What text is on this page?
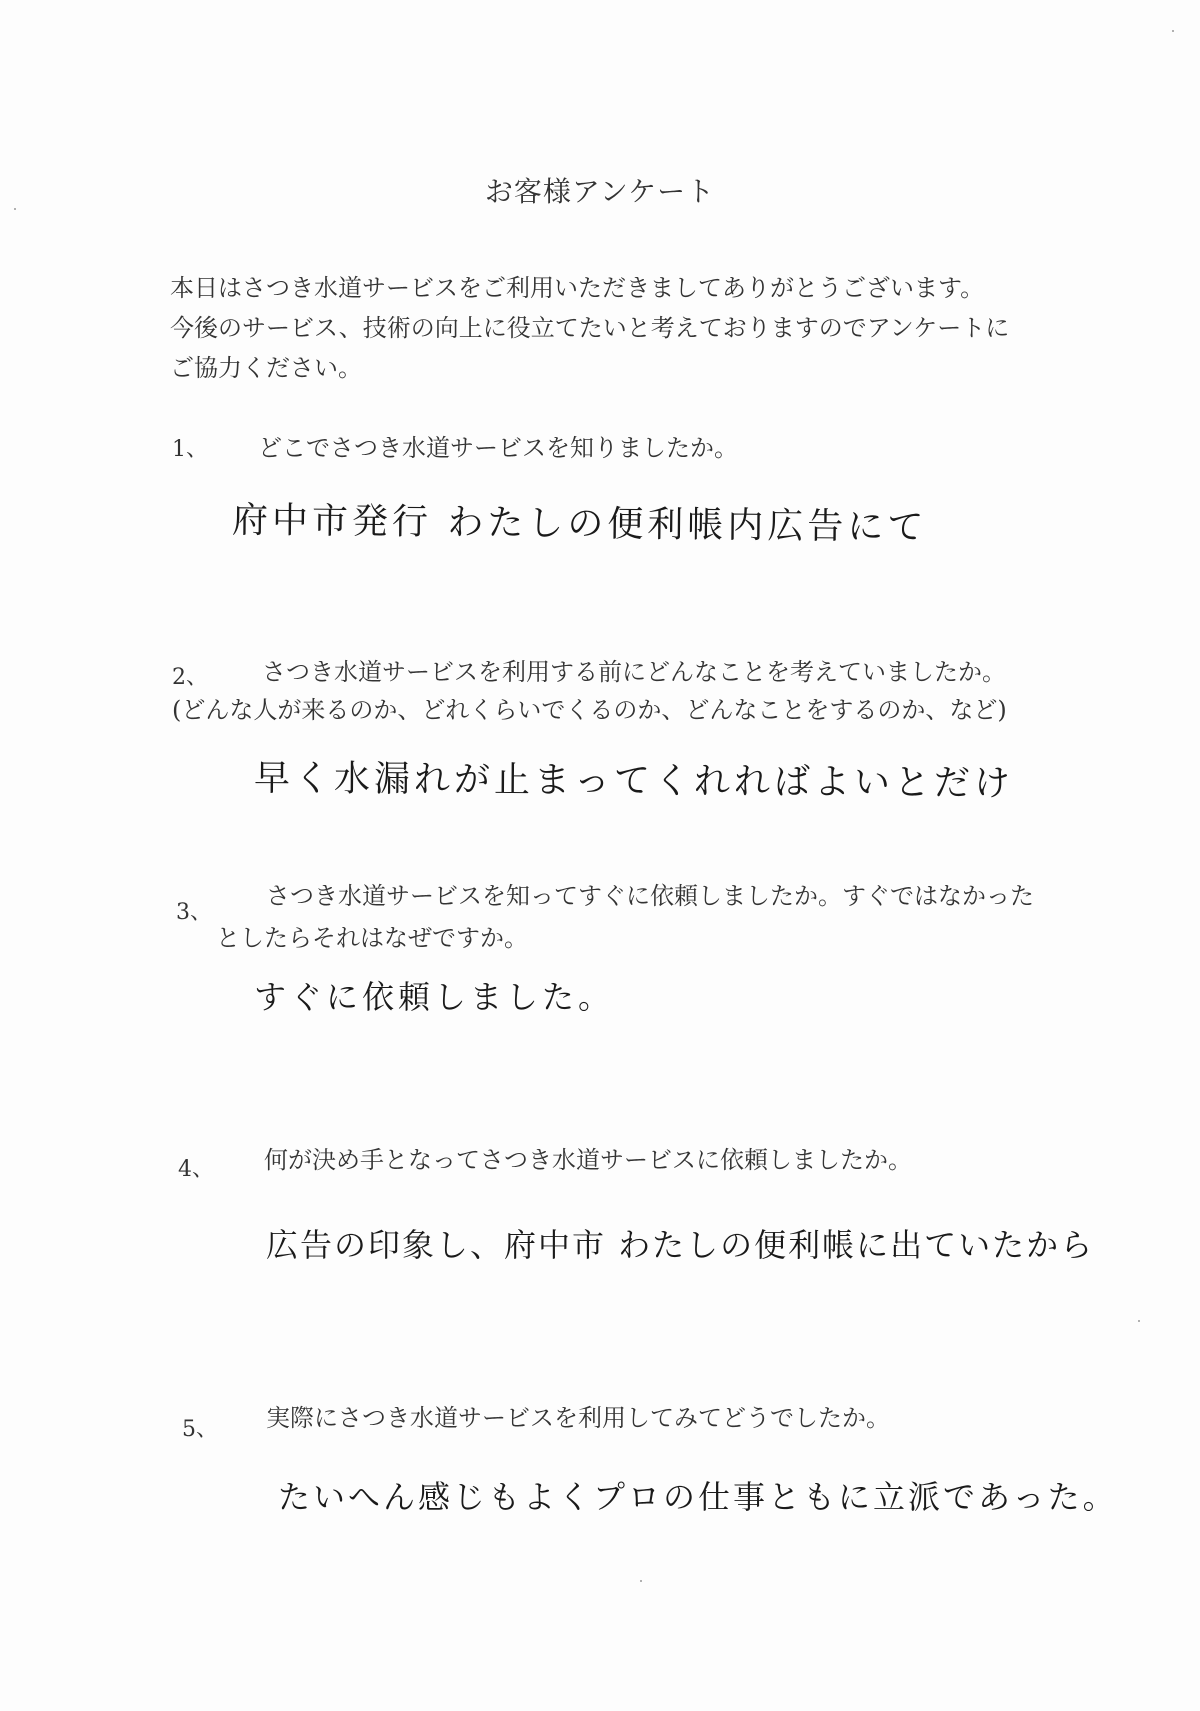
お客様アンケート
本日はさつき水道サービスをご利用いただきましてありがとうございます。
今後のサービス、技術の向上に役立てたいと考えておりますのでアンケートに
ご協力ください。
1、 どこでさつき水道サービスを知りましたか。
府中市発行 わたしの便利帳内広告にて
2、 さつき水道サービスを利用する前にどんなことを考えていましたか。
(どんな人が来るのか、どれくらいでくるのか、どんなことをするのか、など)
早く水漏れが止まってくれればよいとだけ
3、
さつき水道サービスを知ってすぐに依頼しましたか。すぐではなかった
としたらそれはなぜですか。
すぐに依頼しました。
4、 何が決め手となってさつき水道サービスに依頼しましたか。
広告の印象し、府中市 わたしの便利帳に出ていたから
5、 実際にさつき水道サービスを利用してみてどうでしたか。
たいへん感じもよくプロの仕事ともに立派であった。
